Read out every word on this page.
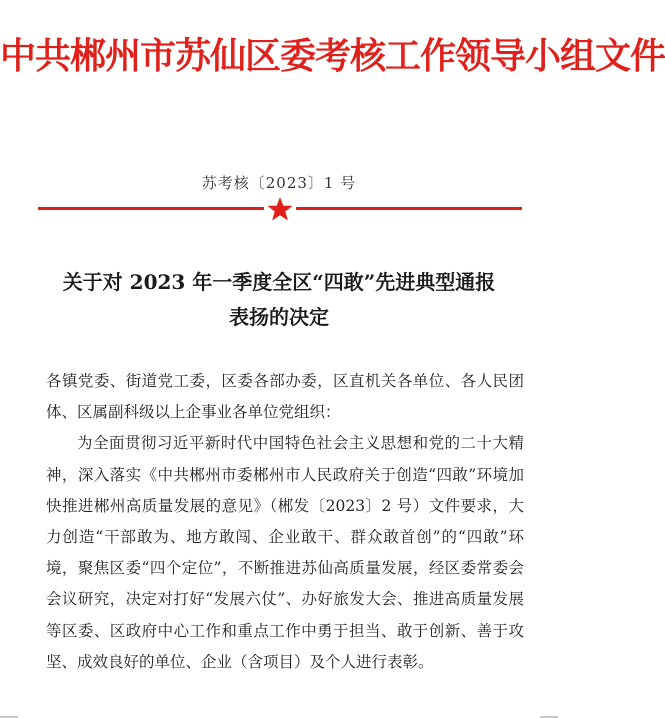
中共郴州市苏仙区委考核工作领导小组文件
苏考核〔2023〕1 号
关于对 2023 年一季度全区“四敢”先进典型通报
表扬的决定

各镇党委、街道党工委，区委各部办委，区直机关各单位、各人民团体、区属副科级以上企事业各单位党组织：

为全面贯彻习近平新时代中国特色社会主义思想和党的二十大精神，深入落实《中共郴州市委郴州市人民政府关于创造“四敢”环境加快推进郴州高质量发展的意见》（郴发〔2023〕2 号）文件要求，大力创造“干部敢为、地方敢闯、企业敢干、群众敢首创”的“四敢”环境，聚焦区委“四个定位”，不断推进苏仙高质量发展，经区委常委会会议研究，决定对打好“发展六仗”、办好旅发大会、推进高质量发展等区委、区政府中心工作和重点工作中勇于担当、敢于创新、善于攻坚、成效良好的单位、企业（含项目）及个人进行表彰。
